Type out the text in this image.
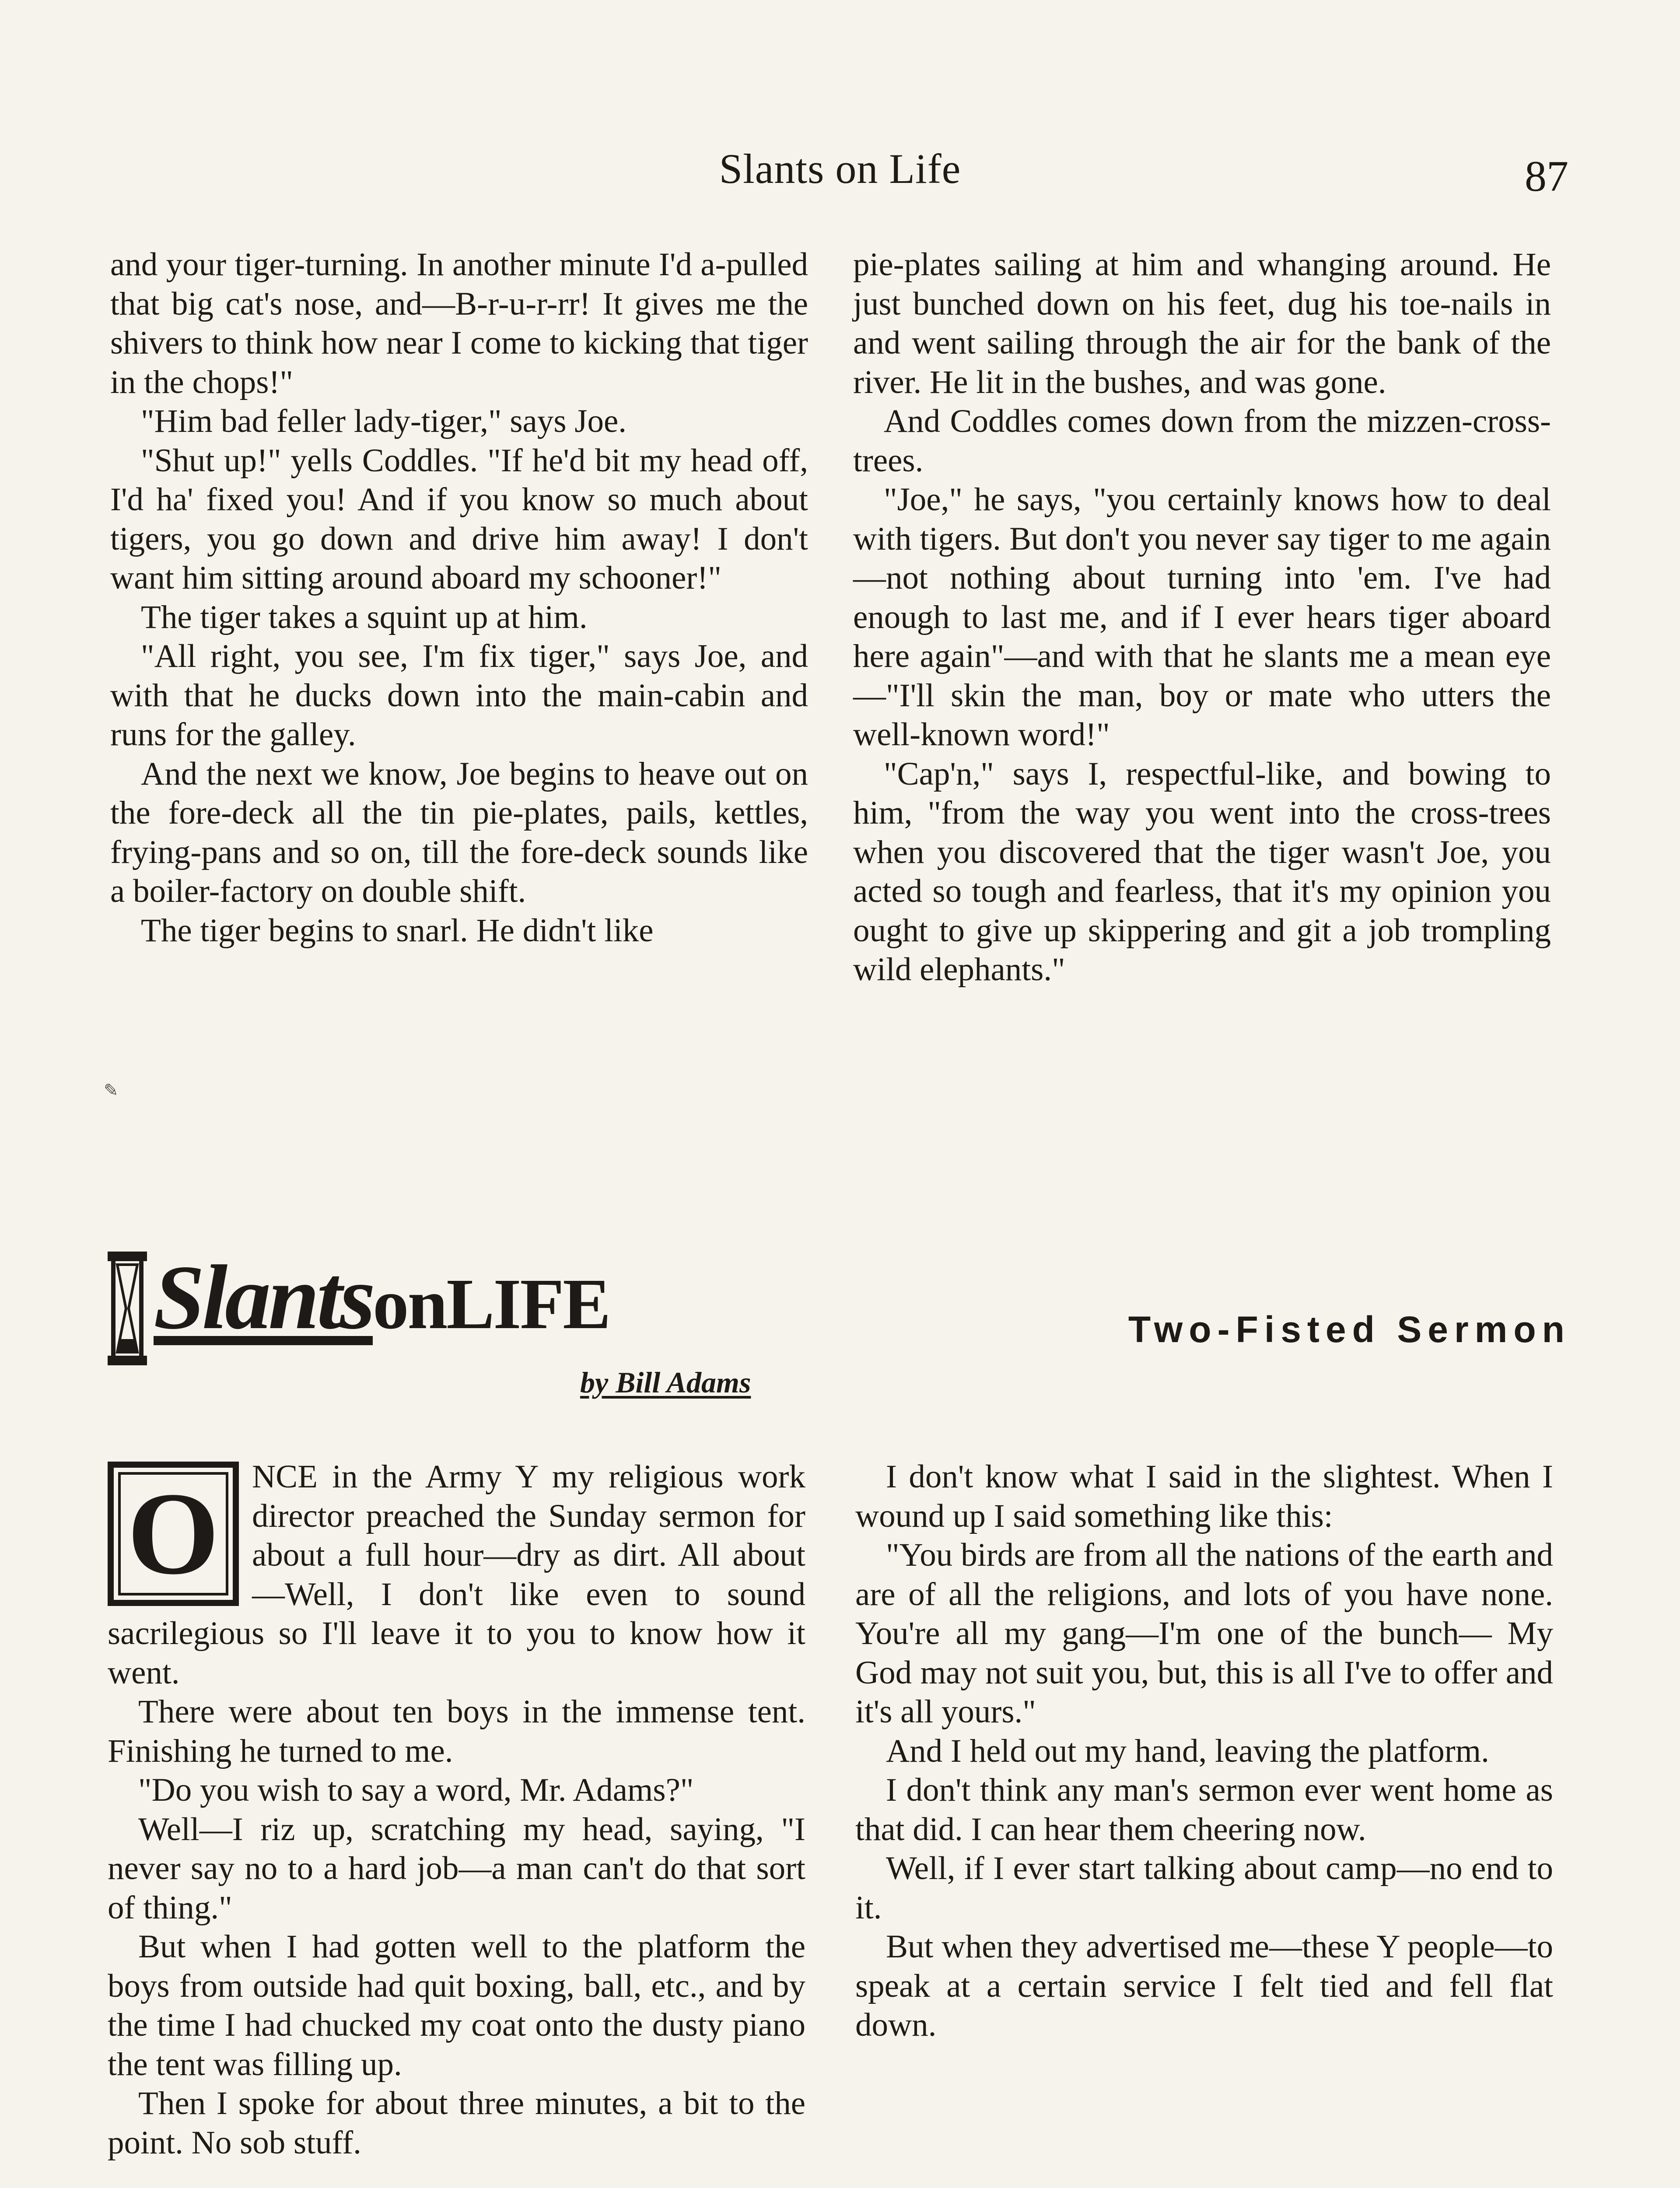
Slants on Life	87

and your tiger-turning. In another minute I'd a-pulled that big cat's nose, and—B-r-u-r-rr! It gives me the shivers to think how near I come to kicking that tiger in the chops!"

"Him bad feller lady-tiger," says Joe.

"Shut up!" yells Coddles. "If he'd bit my head off, I'd ha' fixed you! And if you know so much about tigers, you go down and drive him away! I don't want him sitting around aboard my schooner!"

The tiger takes a squint up at him.

"All right, you see, I'm fix tiger," says Joe, and with that he ducks down into the main-cabin and runs for the galley.

And the next we know, Joe begins to heave out on the fore-deck all the tin pie-plates, pails, kettles, frying-pans and so on, till the fore-deck sounds like a boiler-factory on double shift.

The tiger begins to snarl. He didn't like

pie-plates sailing at him and whanging around. He just bunched down on his feet, dug his toe-nails in and went sailing through the air for the bank of the river. He lit in the bushes, and was gone.

And Coddles comes down from the mizzen-cross-trees.

"Joe," he says, "you certainly knows how to deal with tigers. But don't you never say tiger to me again—not nothing about turning into 'em. I've had enough to last me, and if I ever hears tiger aboard here again"—and with that he slants me a mean eye—"I'll skin the man, boy or mate who utters the well-known word!"

"Cap'n," says I, respectful-like, and bowing to him, "from the way you went into the cross-trees when you discovered that the tiger wasn't Joe, you acted so tough and fearless, that it's my opinion you ought to give up skippering and git a job trompling wild elephants."

✎
SlantsonLIFE
by Bill Adams
Two-Fisted Sermon
O	NCE in the Army Y my religious work director preached the Sunday sermon for about a full hour—dry as dirt. All about—Well, I don't like even to sound sacrilegious so I'll leave it to you to know how it went.

There were about ten boys in the immense tent. Finishing he turned to me.

"Do you wish to say a word, Mr. Adams?"

Well—I riz up, scratching my head, saying, "I never say no to a hard job—a man can't do that sort of thing."

But when I had gotten well to the platform the boys from outside had quit boxing, ball, etc., and by the time I had chucked my coat onto the dusty piano the tent was filling up.

Then I spoke for about three minutes, a bit to the point. No sob stuff.

I don't know what I said in the slightest. When I wound up I said something like this:

"You birds are from all the nations of the earth and are of all the religions, and lots of you have none. You're all my gang—I'm one of the bunch— My God may not suit you, but, this is all I've to offer and it's all yours."

And I held out my hand, leaving the platform.

I don't think any man's sermon ever went home as that did. I can hear them cheering now.

Well, if I ever start talking about camp—no end to it.

But when they advertised me—these Y people—to speak at a certain service I felt tied and fell flat down.
